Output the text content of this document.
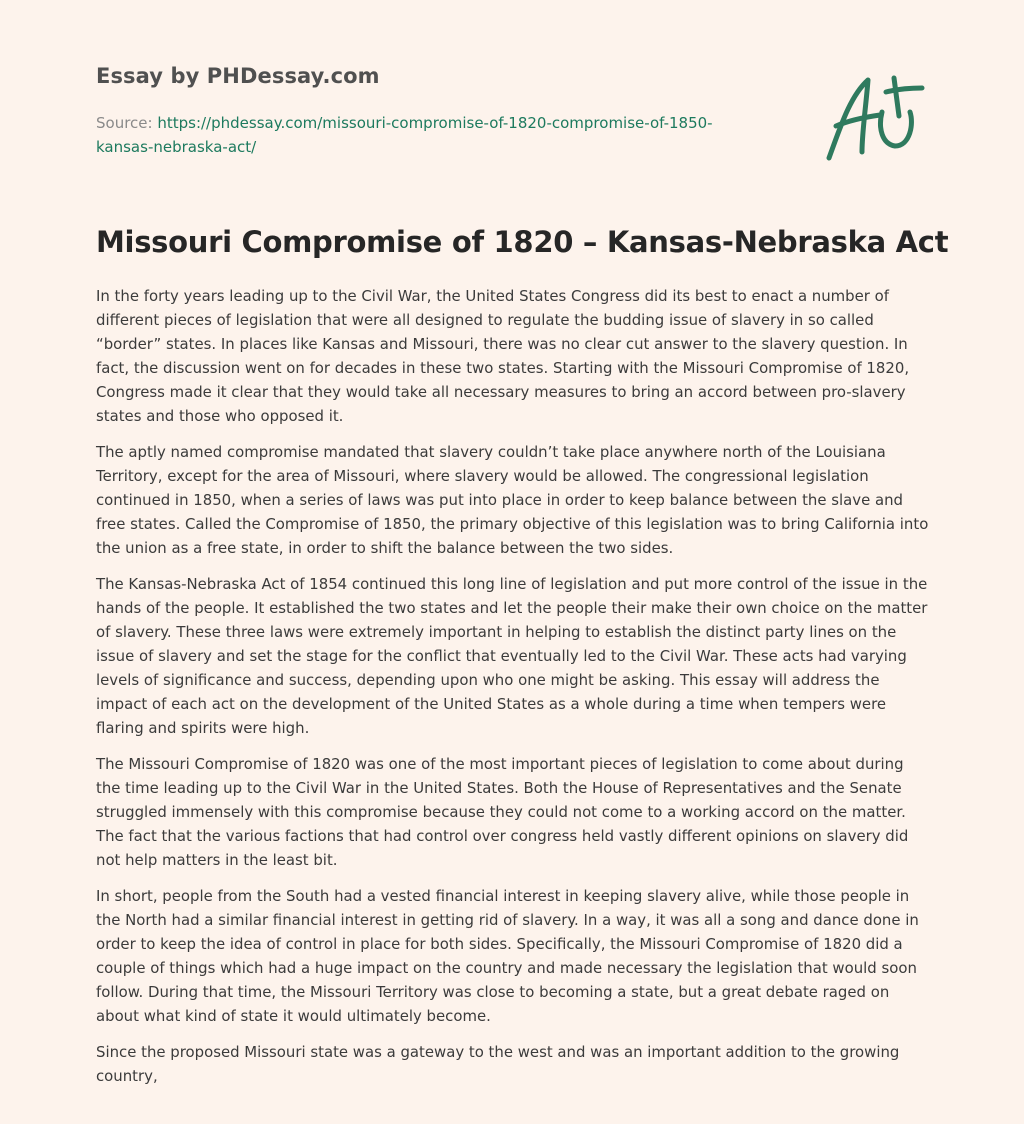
Essay by PHDessay.com
Source: https://phdessay.com/missouri-compromise-of-1820-compromise-of-1850-
kansas-nebraska-act/
Missouri Compromise of 1820 – Kansas-Nebraska Act

In the forty years leading up to the Civil War, the United States Congress did its best to enact a number of different pieces of legislation that were all designed to regulate the budding issue of slavery in so called “border” states. In places like Kansas and Missouri, there was no clear cut answer to the slavery question. In fact, the discussion went on for decades in these two states. Starting with the Missouri Compromise of 1820, Congress made it clear that they would take all necessary measures to bring an accord between pro-slavery states and those who opposed it.

The aptly named compromise mandated that slavery couldn’t take place anywhere north of the Louisiana Territory, except for the area of Missouri, where slavery would be allowed. The congressional legislation continued in 1850, when a series of laws was put into place in order to keep balance between the slave and free states. Called the Compromise of 1850, the primary objective of this legislation was to bring California into the union as a free state, in order to shift the balance between the two sides.

The Kansas-Nebraska Act of 1854 continued this long line of legislation and put more control of the issue in the hands of the people. It established the two states and let the people their make their own choice on the matter of slavery. These three laws were extremely important in helping to establish the distinct party lines on the issue of slavery and set the stage for the conflict that eventually led to the Civil War. These acts had varying levels of significance and success, depending upon who one might be asking. This essay will address the impact of each act on the development of the United States as a whole during a time when tempers were flaring and spirits were high.

The Missouri Compromise of 1820 was one of the most important pieces of legislation to come about during the time leading up to the Civil War in the United States. Both the House of Representatives and the Senate struggled immensely with this compromise because they could not come to a working accord on the matter. The fact that the various factions that had control over congress held vastly different opinions on slavery did not help matters in the least bit.

In short, people from the South had a vested financial interest in keeping slavery alive, while those people in the North had a similar financial interest in getting rid of slavery. In a way, it was all a song and dance done in order to keep the idea of control in place for both sides. Specifically, the Missouri Compromise of 1820 did a couple of things which had a huge impact on the country and made necessary the legislation that would soon follow. During that time, the Missouri Territory was close to becoming a state, but a great debate raged on about what kind of state it would ultimately become.

Since the proposed Missouri state was a gateway to the west and was an important addition to the growing country,
